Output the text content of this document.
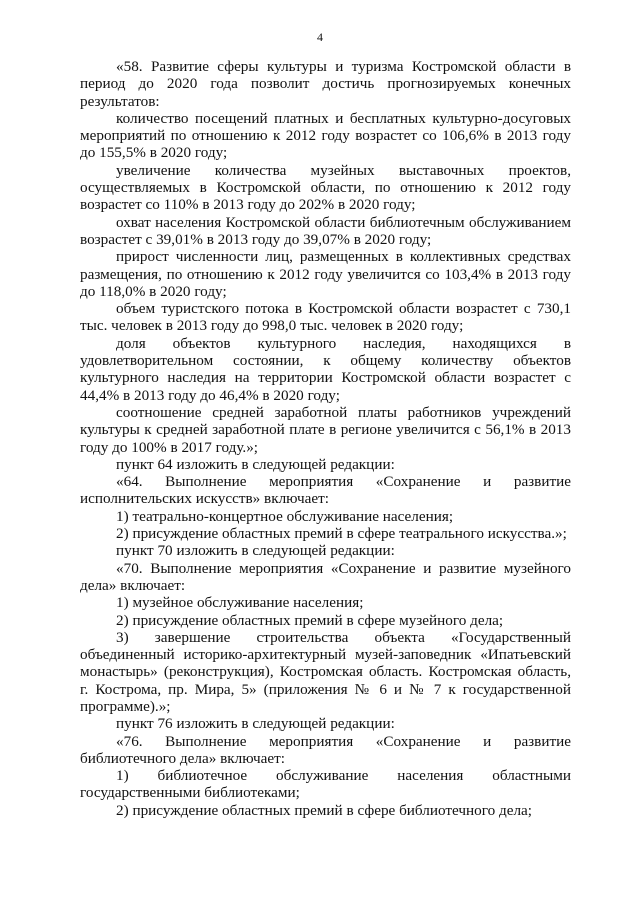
4

«58. Развитие сферы культуры и туризма Костромской области в период до 2020 года позволит достичь прогнозируемых конечных результатов:

количество посещений платных и бесплатных культурно-досуговых мероприятий по отношению к 2012 году возрастет со 106,6% в 2013 году до 155,5% в 2020 году;

увеличение количества музейных выставочных проектов, осуществляемых в Костромской области, по отношению к 2012 году возрастет со 110% в 2013 году до 202% в 2020 году;

охват населения Костромской области библиотечным обслуживанием возрастет с 39,01% в 2013 году до 39,07% в 2020 году;

прирост численности лиц, размещенных в коллективных средствах размещения, по отношению к 2012 году увеличится со 103,4% в 2013 году до 118,0% в 2020 году;

объем туристского потока в Костромской области возрастет с 730,1 тыс. человек в 2013 году до 998,0 тыс. человек в 2020 году;

доля объектов культурного наследия, находящихся в удовлетворительном состоянии, к общему количеству объектов культурного наследия на территории Костромской области возрастет с 44,4% в 2013 году до 46,4% в 2020 году;

соотношение средней заработной платы работников учреждений культуры к средней заработной плате в регионе увеличится с 56,1% в 2013 году до 100% в 2017 году.»;

пункт 64 изложить в следующей редакции:

«64. Выполнение мероприятия «Сохранение и развитие исполнительских искусств» включает:

1) театрально-концертное обслуживание населения;

2) присуждение областных премий в сфере театрального искусства.»;

пункт 70 изложить в следующей редакции:

«70. Выполнение мероприятия «Сохранение и развитие музейного дела» включает:

1) музейное обслуживание населения;

2) присуждение областных премий в сфере музейного дела;

3) завершение строительства объекта «Государственный объединенный историко-архитектурный музей-заповедник «Ипатьевский монастырь» (реконструкция), Костромская область. Костромская область, г. Кострома, пр. Мира, 5» (приложения № 6 и № 7 к государственной программе).»;

пункт 76 изложить в следующей редакции:

«76. Выполнение мероприятия «Сохранение и развитие библиотечного дела» включает:

1) библиотечное обслуживание населения областными государственными библиотеками;

2) присуждение областных премий в сфере библиотечного дела;
